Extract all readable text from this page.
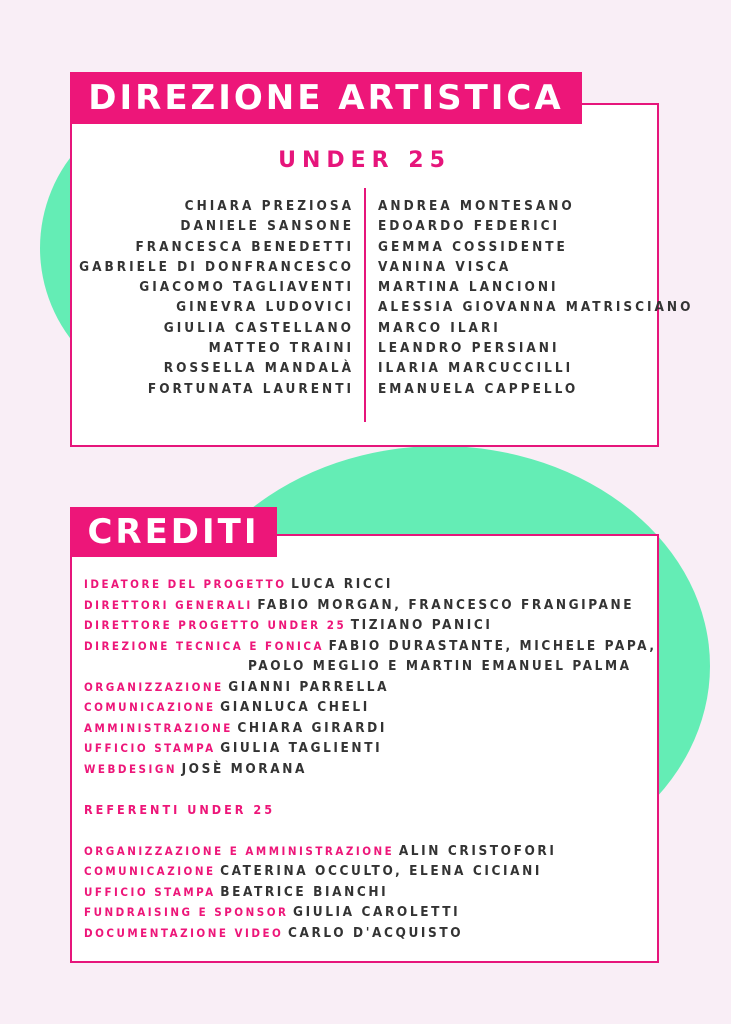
DIREZIONE ARTISTICA
UNDER 25
CHIARA PREZIOSA
DANIELE SANSONE
FRANCESCA BENEDETTI
GABRIELE DI DONFRANCESCO
GIACOMO TAGLIAVENTI
GINEVRA LUDOVICI
GIULIA CASTELLANO
MATTEO TRAINI
ROSSELLA MANDALÀ
FORTUNATA LAURENTI
ANDREA MONTESANO
EDOARDO FEDERICI
GEMMA COSSIDENTE
VANINA VISCA
MARTINA LANCIONI
ALESSIA GIOVANNA MATRISCIANO
MARCO ILARI
LEANDRO PERSIANI
ILARIA MARCUCCILLI
EMANUELA CAPPELLO
CREDITI
IDEATORE DEL PROGETTO LUCA RICCI
DIRETTORI GENERALI FABIO MORGAN, FRANCESCO FRANGIPANE
DIRETTORE PROGETTO UNDER 25 TIZIANO PANICI
DIREZIONE TECNICA E FONICA FABIO DURASTANTE, MICHELE PAPA,
PAOLO MEGLIO E MARTIN EMANUEL PALMA
ORGANIZZAZIONE GIANNI PARRELLA
COMUNICAZIONE GIANLUCA CHELI
AMMINISTRAZIONE CHIARA GIRARDI
UFFICIO STAMPA GIULIA TAGLIENTI
WEBDESIGN JOSÈ MORANA
REFERENTI UNDER 25
ORGANIZZAZIONE E AMMINISTRAZIONE ALIN CRISTOFORI
COMUNICAZIONE CATERINA OCCULTO, ELENA CICIANI
UFFICIO STAMPA BEATRICE BIANCHI
FUNDRAISING E SPONSOR GIULIA CAROLETTI
DOCUMENTAZIONE VIDEO CARLO D'ACQUISTO
